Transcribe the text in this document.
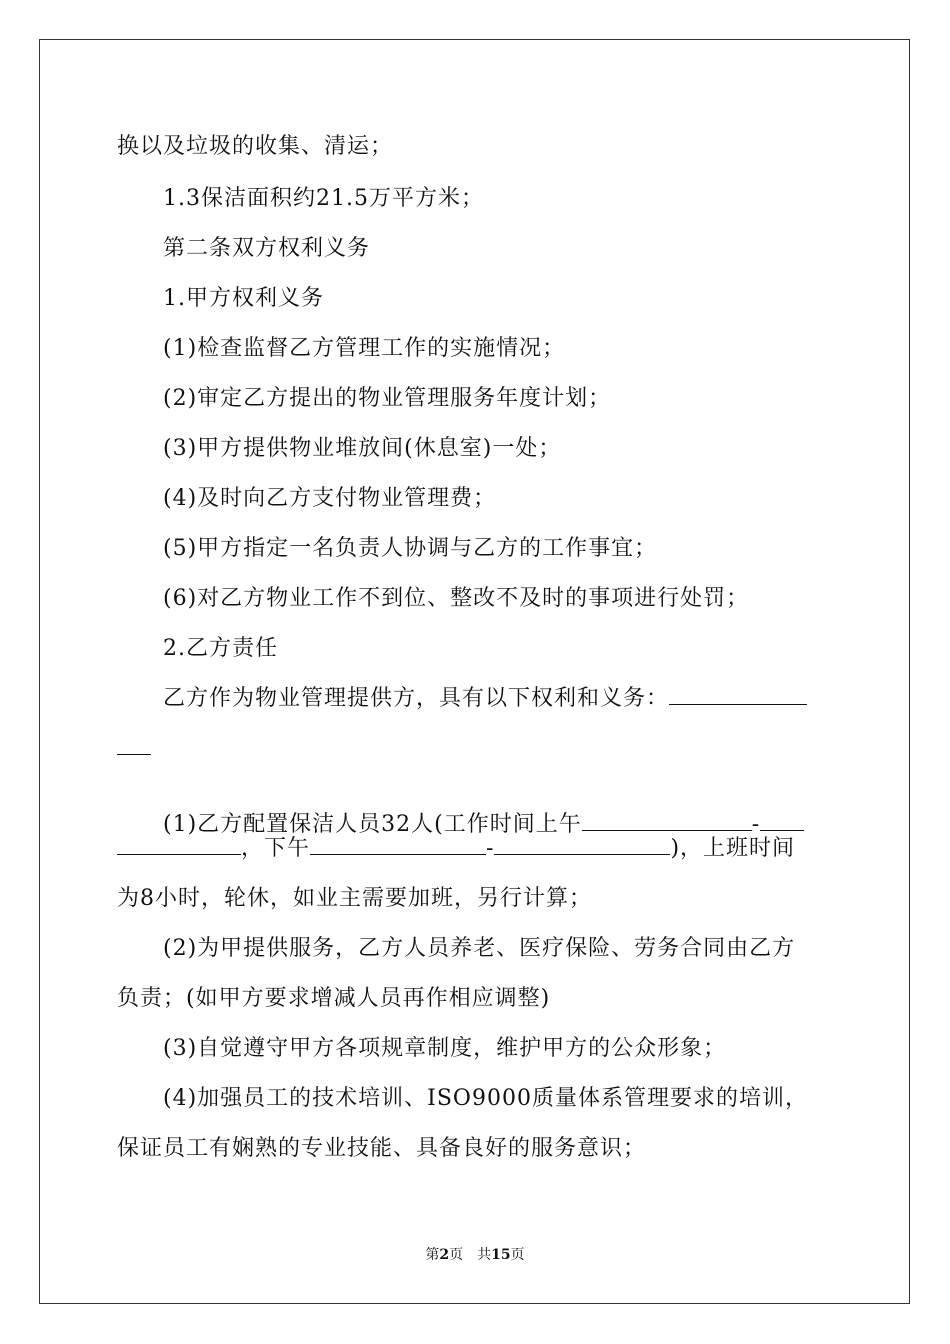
换以及垃圾的收集、清运；
1.3保洁面积约21.5万平方米；
第二条双方权利义务
1.甲方权利义务
(1)检查监督乙方管理工作的实施情况；
(2)审定乙方提出的物业管理服务年度计划；
(3)甲方提供物业堆放间(休息室)一处；
(4)及时向乙方支付物业管理费；
(5)甲方指定一名负责人协调与乙方的工作事宜；
(6)对乙方物业工作不到位、整改不及时的事项进行处罚；
2.乙方责任
乙方作为物业管理提供方，具有以下权利和义务：
(1)乙方配置保洁人员32人(工作时间上午	-
，下午	-	)，上班时间
为8小时，轮休，如业主需要加班，另行计算；
(2)为甲提供服务，乙方人员养老、医疗保险、劳务合同由乙方
负责；(如甲方要求增减人员再作相应调整)
(3)自觉遵守甲方各项规章制度，维护甲方的公众形象；
(4)加强员工的技术培训、ISO9000质量体系管理要求的培训，
保证员工有娴熟的专业技能、具备良好的服务意识；
第2页　共15页
